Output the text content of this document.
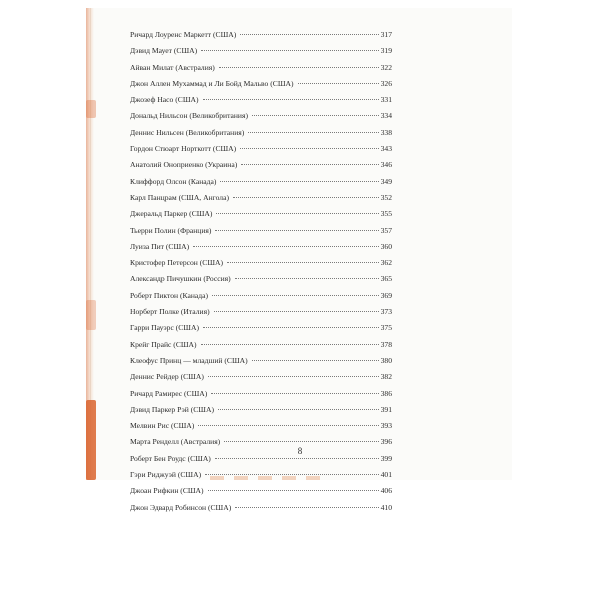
Ричард Лоуренс Маркетт (США)	317
Дэвид Маует (США)	319
Айван Милат (Австралия)	322
Джон Аллен Мухаммад и Ли Бойд Мальво (США)	326
Джозеф Насо (США)	331
Дональд Нильсон (Великобритания)	334
Деннис Нильсен (Великобритания)	338
Гордон Стюарт Норткотт (США)	343
Анатолий Оноприенко (Украина)	346
Клиффорд Олсон (Канада)	349
Карл Панцрам (США, Ангола)	352
Джеральд Паркер (США)	355
Тьерри Полин (Франция)	357
Луиза Пит (США)	360
Кристофер Петерсон (США)	362
Александр Пичушкин (Россия)	365
Роберт Пиктон (Канада)	369
Норберт Полке (Италия)	373
Гарри Пауэрс (США)	375
Крейг Прайс (США)	378
Клеофус Принц — младший (США)	380
Деннис Рейдер (США)	382
Ричард Рамирес (США)	386
Дэвид Паркер Рэй (США)	391
Мелвин Рис (США)	393
Марта Ренделл (Австралия)	396
Роберт Бен Роудс (США)	399
Гэри Риджуэй (США)	401
Джоан Рифкин (США)	406
Джон Эдвард Робинсон (США)	410
8
